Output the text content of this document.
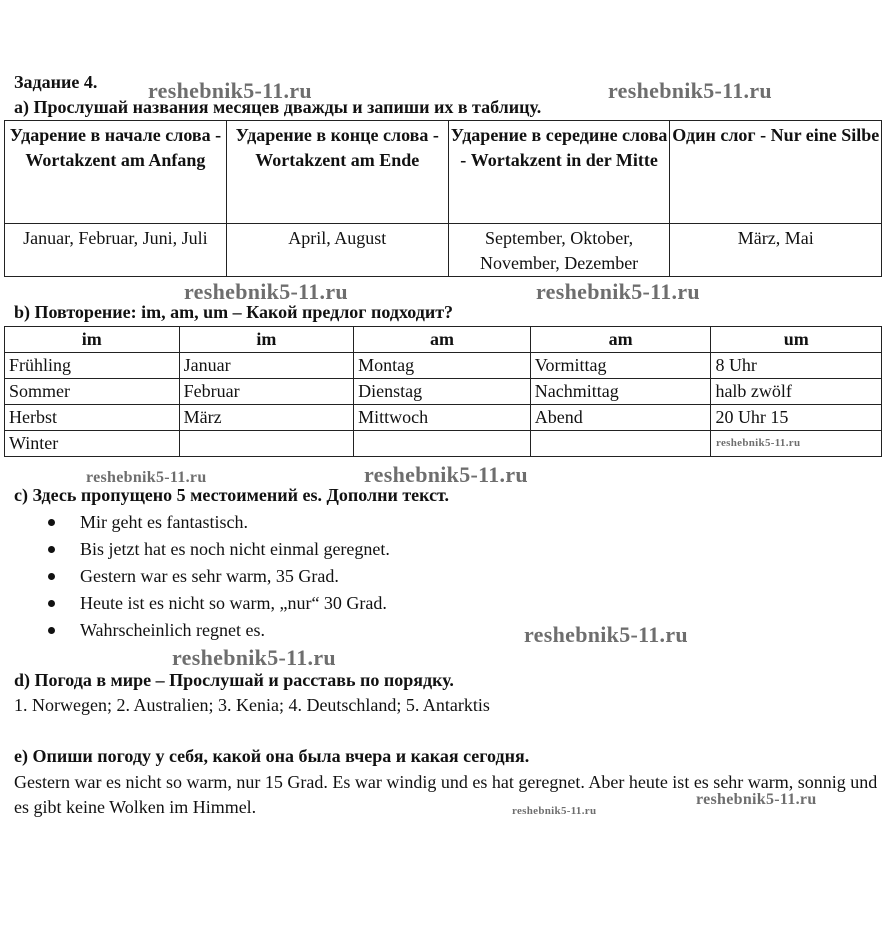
Задание 4.
а) Прослушай названия месяцев дважды и запиши их в таблицу.
Ударение в начале слова - Wortakzent am Anfang	Ударение в конце слова - Wortakzent am Ende	Ударение в середине слова - Wortakzent in der Mitte	Один слог - Nur eine Silbe
Januar, Februar, Juni, Juli	April, August	September, Oktober, November, Dezember	März, Mai
b) Повторение: im, am, um – Какой предлог подходит?
im	im	am	am	um
Frühling	Januar	Montag	Vormittag	8 Uhr
Sommer	Februar	Dienstag	Nachmittag	halb zwölf
Herbst	März	Mittwoch	Abend	20 Uhr 15
Winter				
с) Здесь пропущено 5 местоимений es. Дополни текст.
Mir geht es fantastisch.
Bis jetzt hat es noch nicht einmal geregnet.
Gestern war es sehr warm, 35 Grad.
Heute ist es nicht so warm, „nur“ 30 Grad.
Wahrscheinlich regnet es.
d) Погода в мире – Прослушай и расставь по порядку.
1. Norwegen; 2. Australien; 3. Kenia; 4. Deutschland; 5. Antarktis
е) Опиши погоду у себя, какой она была вчера и какая сегодня.
Gestern war es nicht so warm, nur 15 Grad. Es war windig und es hat geregnet. Aber heute ist es sehr warm, sonnig und es gibt keine Wolken im Himmel.
reshebnik5-11.ru	reshebnik5-11.ru
reshebnik5-11.ru	reshebnik5-11.ru
reshebnik5-11.ru
reshebnik5-11.ru
reshebnik5-11.ru
reshebnik5-11.ru
reshebnik5-11.ru
reshebnik5-11.ru
reshebnik5-11.ru
